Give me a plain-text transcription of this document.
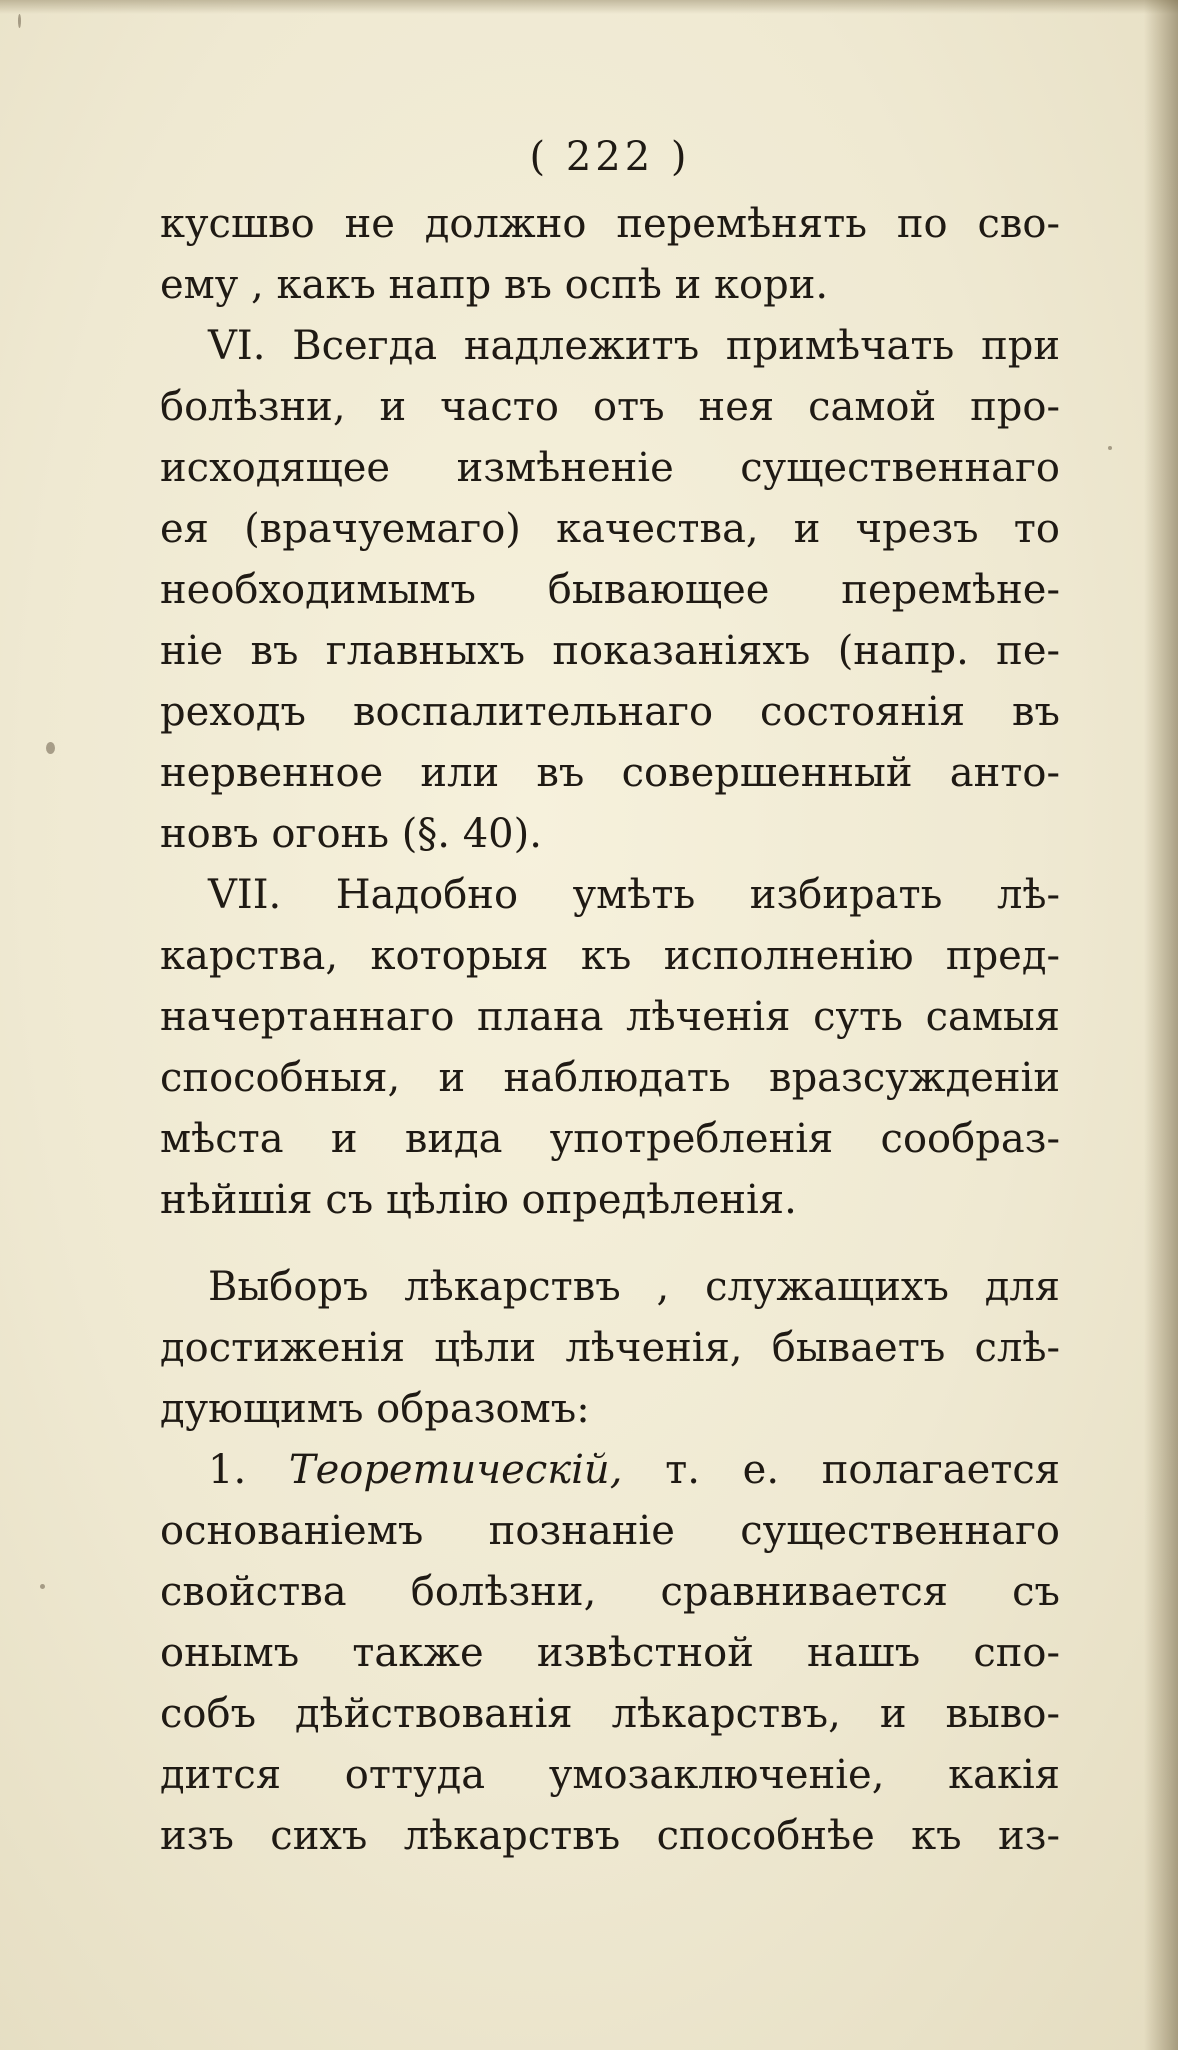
( 222 )
кусшво не должно перемѣнять по сво-
ему , какъ напр въ оспѣ и кори.
VI. Всегда надлежитъ примѣчать при
болѣзни, и часто отъ нея самой про-
исходящее измѣненіе существеннаго
ея (врачуемаго) качества, и чрезъ то
необходимымъ бывающее перемѣне-
ніе въ главныхъ показаніяхъ (напр. пе-
реходъ воспалительнаго состоянія въ
нервенное или въ совершенный анто-
новъ огонь (§. 40).
VII. Надобно умѣть избирать лѣ-
карства, которыя къ исполненію пред-
начертаннаго плана лѣченія суть самыя
способныя, и наблюдать вразсужденіи
мѣста и вида употребленія сообраз-
нѣйшія съ цѣлію опредѣленія.
Выборъ лѣкарствъ , служащихъ для
достиженія цѣли лѣченія, бываетъ слѣ-
дующимъ образомъ:
1. Теоретическій, т. е. полагается
основаніемъ познаніе существеннаго
свойства болѣзни, сравнивается съ
онымъ также извѣстной нашъ спо-
собъ дѣйствованія лѣкарствъ, и выво-
дится оттуда умозаключеніе, какія
изъ сихъ лѣкарствъ способнѣе къ из-
